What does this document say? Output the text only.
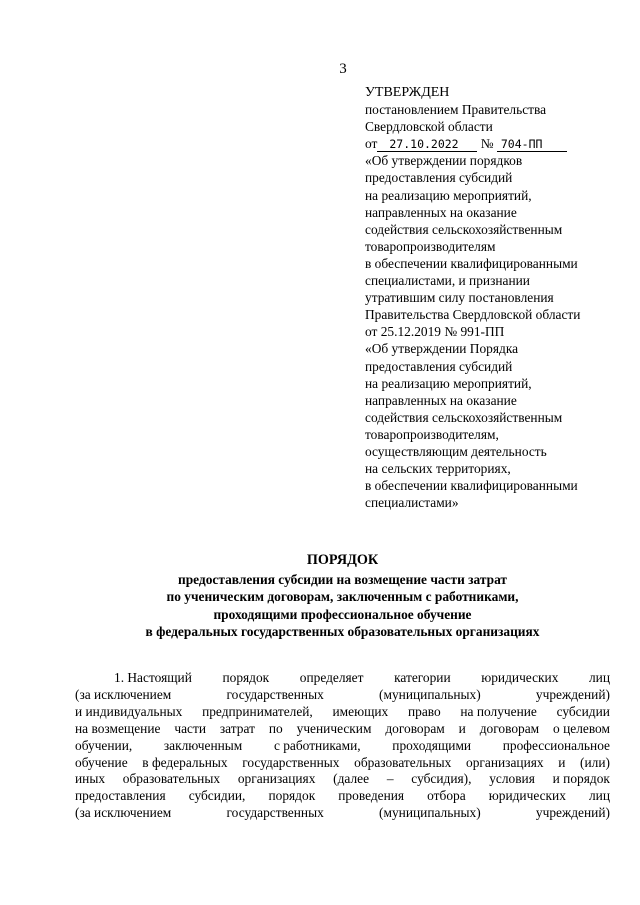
3
УТВЕРЖДЕН
постановлением Правительства
Свердловской области
от 27.10.2022 № 704-ПП
«Об утверждении порядков
предоставления субсидий
на реализацию мероприятий,
направленных на оказание
содействия сельскохозяйственным
товаропроизводителям
в обеспечении квалифицированными
специалистами, и признании
утратившим силу постановления
Правительства Свердловской области
от 25.12.2019 № 991-ПП
«Об утверждении Порядка
предоставления субсидий
на реализацию мероприятий,
направленных на оказание
содействия сельскохозяйственным
товаропроизводителям,
осуществляющим деятельность
на сельских территориях,
в обеспечении квалифицированными
специалистами»
ПОРЯДОК
предоставления субсидии на возмещение части затрат
по ученическим договорам, заключенным с работниками,
проходящими профессиональное обучение
в федеральных государственных образовательных организациях
1. Настоящий порядок определяет категории юридических лиц
(за исключением	государственных	(муниципальных)	учреждений)
и индивидуальных предпринимателей, имеющих право на получение субсидии
на возмещение части затрат по ученическим договорам и договорам о целевом
обучении, заключенным с работниками, проходящими профессиональное
обучение в федеральных государственных образовательных организациях и (или)
иных образовательных организациях (далее – субсидия), условия и порядок
предоставления субсидии, порядок проведения отбора юридических лиц
(за исключением	государственных	(муниципальных)	учреждений)
